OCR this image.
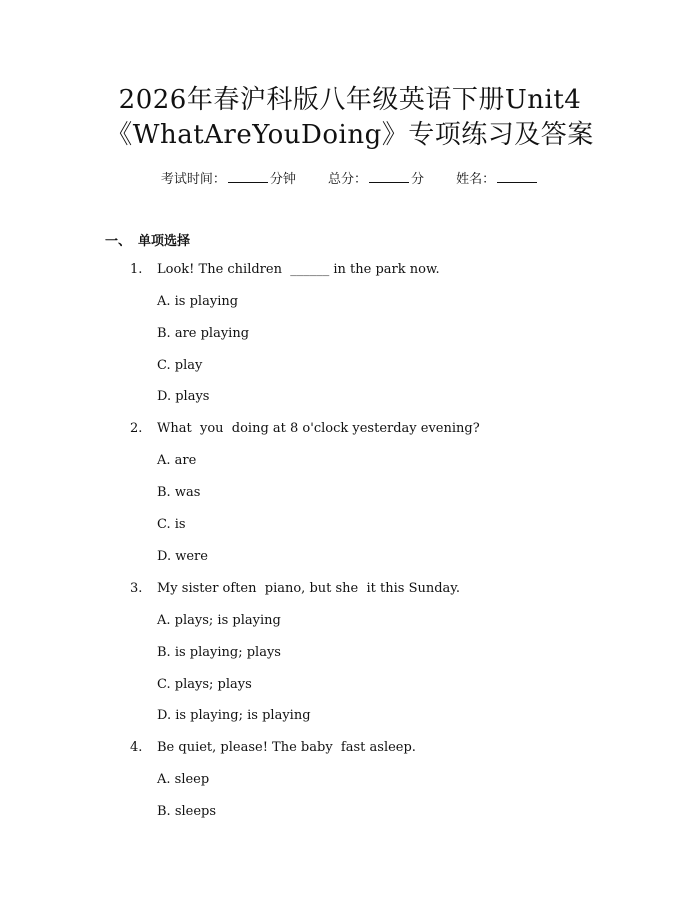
2026年春沪科版八年级英语下册Unit4
《WhatAreYouDoing》专项练习及答案
考试时间：	分钟 总分：	分 姓名：
一、 单项选择
1. Look! The children  ______ in the park now.
A. is playing
B. are playing
C. play
D. plays
2. What  you  doing at 8 o'clock yesterday evening?
A. are
B. was
C. is
D. were
3. My sister often  piano, but she  it this Sunday.
A. plays; is playing
B. is playing; plays
C. plays; plays
D. is playing; is playing
4. Be quiet, please! The baby  fast asleep.
A. sleep
B. sleeps
